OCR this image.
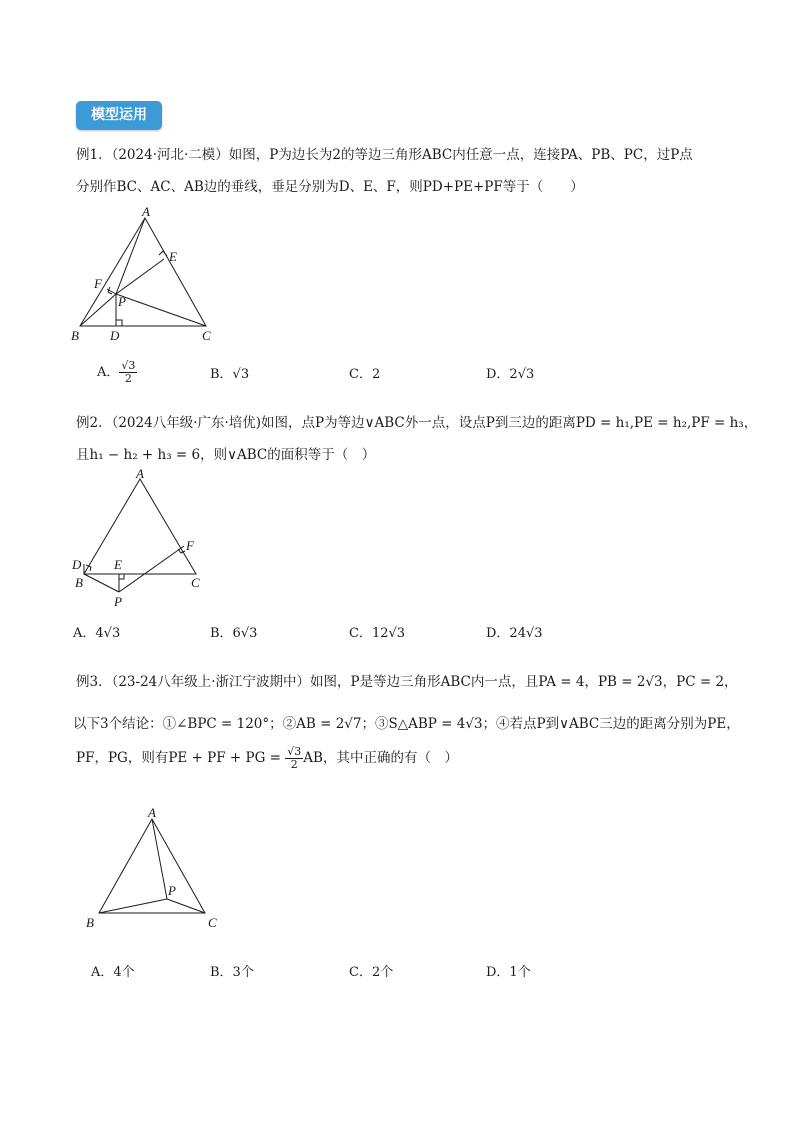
模型运用
例1．（2024·河北·二模）如图，P为边长为2的等边三角形ABC内任意一点，连接PA、PB、PC，过P点
分别作BC、AC、AB边的垂线，垂足分别为D、E、F，则PD+PE+PF等于（　　）
A
B	C
D
E
F
P
A． $\frac{√3}{2}$	B．√3	C．2	D．2√3
例2．（2024八年级·广东·培优)如图，点P为等边∨ABC外一点，设点P到三边的距离PD = h₁,PE = h₂,PF = h₃，
且h₁ − h₂ + h₃ = 6，则∨ABC的面积等于（　）
A
D
B	C
E
F
P
A．4√3	B．6√3	C．12√3	D．24√3
例3．（23-24八年级上·浙江宁波期中）如图，P是等边三角形ABC内一点，且PA = 4，PB = 2√3，PC = 2，
以下3个结论：①∠BPC = 120°；②AB = 2√7；③S△ABP = 4√3；④若点P到∨ABC三边的距离分别为PE，
PF，PG，则有PE + PF + PG = $\frac{√3}{2}$ AB，其中正确的有（　）
A
B	C
P
A．4个	B．3个	C．2个	D．1个
